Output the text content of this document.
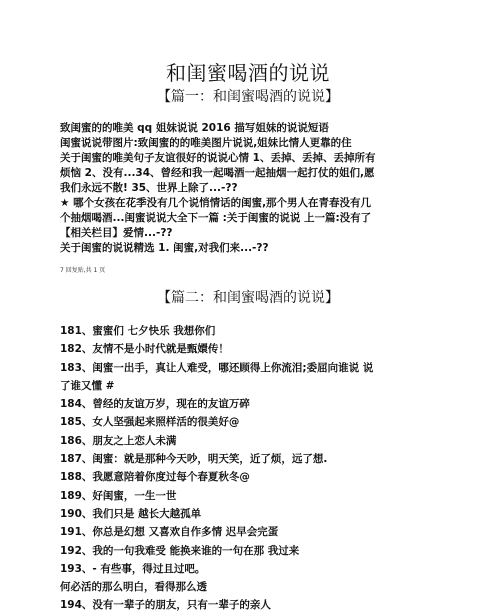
和闺蜜喝酒的说说
【篇一：和闺蜜喝酒的说说】
致闺蜜的的唯美 qq 姐妹说说 2016 描写姐妹的说说短语
闺蜜说说带图片:致闺蜜的的唯美图片说说,姐妹比情人更靠的住
关于闺蜜的唯美句子友谊很好的说说心情 1、丢掉、丢掉、丢掉所有
烦恼 2、没有...34、曾经和我一起喝酒一起抽烟一起打仗的姐们,愿
我们永远不散! 35、世界上除了...-??
★ 哪个女孩在花季没有几个说悄情话的闺蜜,那个男人在青春没有几
个抽烟喝酒...闺蜜说说大全下一篇 :关于闺蜜的说说 上一篇:没有了
【相关栏目】爱情...-??
关于闺蜜的说说精选 1. 闺蜜,对我们来...-??
7 回复贴,共 1 页
【篇二：和闺蜜喝酒的说说】
181、蜜蜜们 七夕快乐 我想你们
182、友情不是小时代就是甄嬛传！
183、闺蜜一出手，真让人难受，哪还顾得上你流泪;委屈向谁说 说
了谁又懂 #
184、曾经的友谊万岁，现在的友谊万碎
185、女人坚强起来照样活的很美好@
186、朋友之上恋人未满
187、闺蜜：就是那种今天吵，明天笑，近了烦，远了想.
188、我愿意陪着你度过每个春夏秋冬@
189、好闺蜜，一生一世
190、我们只是 越长大越孤单
191、你总是幻想 又喜欢自作多情 迟早会完蛋
192、我的一句我难受 能换来谁的一句在那 我过来
193、- 有些事，得过且过吧。
何必活的那么明白，看得那么透
194、没有一辈子的朋友，只有一辈子的亲人
